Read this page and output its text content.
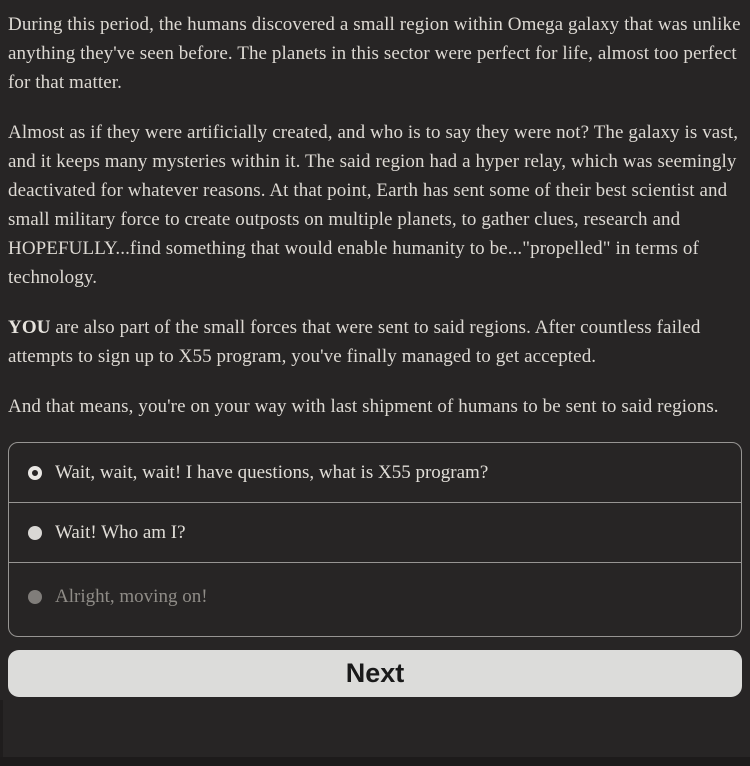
During this period, the humans discovered a small region within Omega galaxy that was unlike anything they've seen before. The planets in this sector were perfect for life, almost too perfect for that matter.

Almost as if they were artificially created, and who is to say they were not? The galaxy is vast, and it keeps many mysteries within it. The said region had a hyper relay, which was seemingly deactivated for whatever reasons. At that point, Earth has sent some of their best scientist and small military force to create outposts on multiple planets, to gather clues, research and HOPEFULLY...find something that would enable humanity to be..."propelled" in terms of technology.

YOU are also part of the small forces that were sent to said regions. After countless failed attempts to sign up to X55 program, you've finally managed to get accepted.

And that means, you're on your way with last shipment of humans to be sent to said regions.

Wait, wait, wait! I have questions, what is X55 program?
Wait! Who am I?
Alright, moving on!
Next
